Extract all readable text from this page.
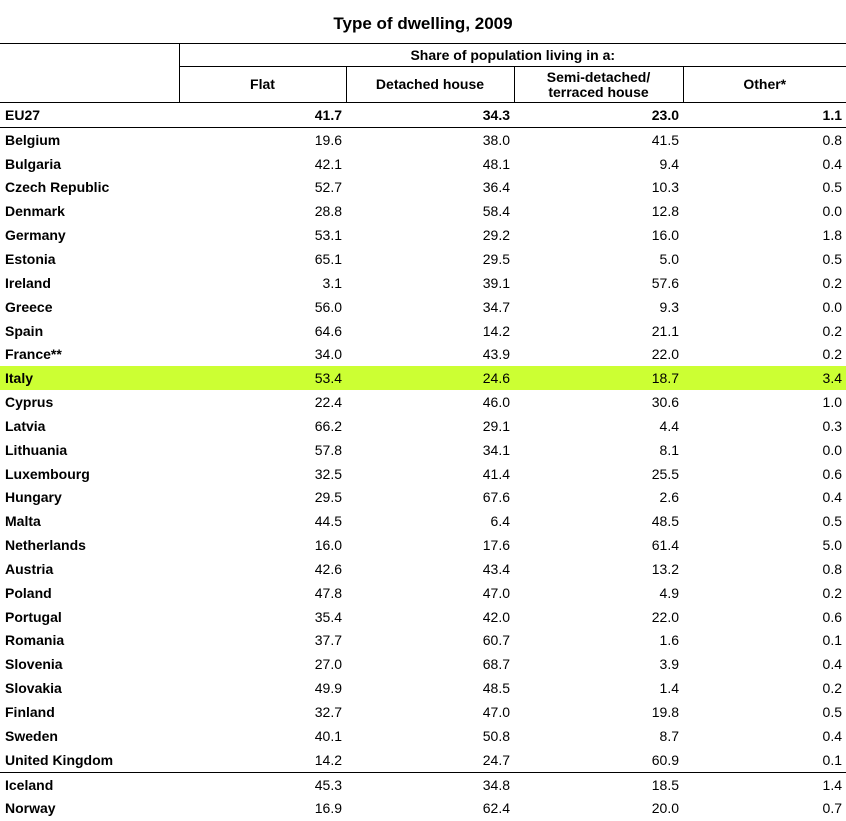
Type of dwelling, 2009
	Share of population living in a:			
	Flat	Detached house	Semi-detached/
terraced house	Other*
EU27	41.7	34.3	23.0	1.1
Belgium	19.6	38.0	41.5	0.8
Bulgaria	42.1	48.1	9.4	0.4
Czech Republic	52.7	36.4	10.3	0.5
Denmark	28.8	58.4	12.8	0.0
Germany	53.1	29.2	16.0	1.8
Estonia	65.1	29.5	5.0	0.5
Ireland	3.1	39.1	57.6	0.2
Greece	56.0	34.7	9.3	0.0
Spain	64.6	14.2	21.1	0.2
France**	34.0	43.9	22.0	0.2
Italy	53.4	24.6	18.7	3.4
Cyprus	22.4	46.0	30.6	1.0
Latvia	66.2	29.1	4.4	0.3
Lithuania	57.8	34.1	8.1	0.0
Luxembourg	32.5	41.4	25.5	0.6
Hungary	29.5	67.6	2.6	0.4
Malta	44.5	6.4	48.5	0.5
Netherlands	16.0	17.6	61.4	5.0
Austria	42.6	43.4	13.2	0.8
Poland	47.8	47.0	4.9	0.2
Portugal	35.4	42.0	22.0	0.6
Romania	37.7	60.7	1.6	0.1
Slovenia	27.0	68.7	3.9	0.4
Slovakia	49.9	48.5	1.4	0.2
Finland	32.7	47.0	19.8	0.5
Sweden	40.1	50.8	8.7	0.4
United Kingdom	14.2	24.7	60.9	0.1
Iceland	45.3	34.8	18.5	1.4
Norway	16.9	62.4	20.0	0.7
